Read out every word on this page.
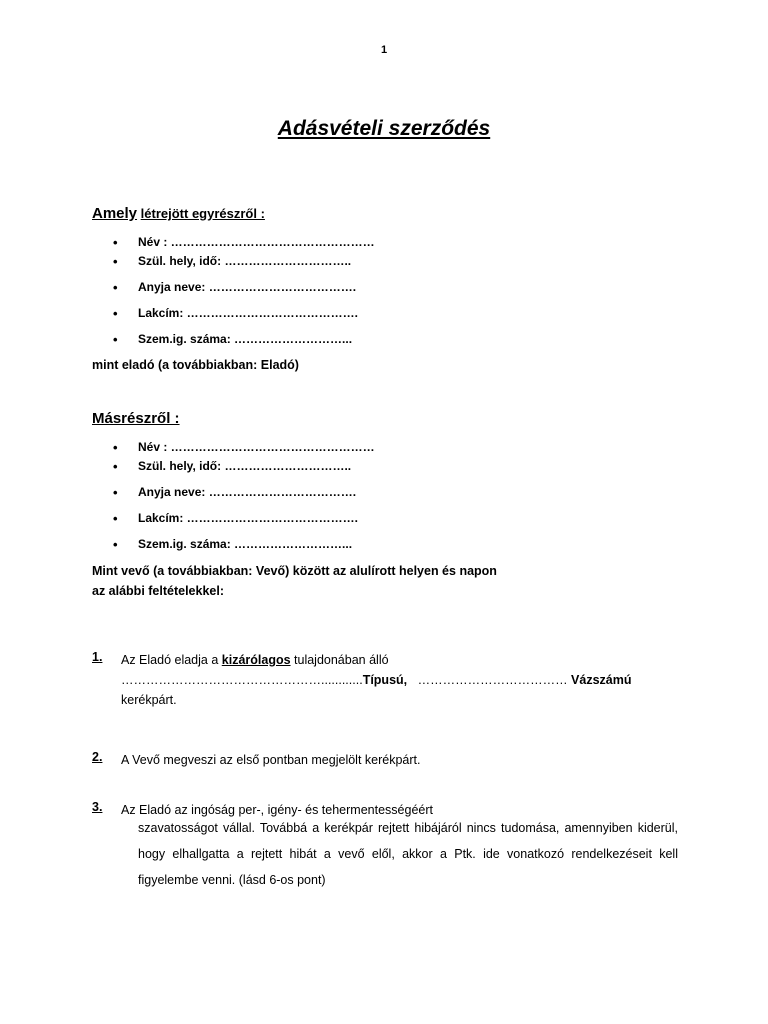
1
Adásvételi szerződés
Amely létrejött egyrészről :
• Név : ……………………………………………
• Szül. hely, idő: …………………………..
• Anyja neve: ……………………………….
• Lakcím: …………………………………….
• Szem.ig. száma: ………………………...
mint eladó (a továbbiakban: Eladó)
Másrészről :
• Név : ……………………………………………
• Szül. hely, idő: …………………………..
• Anyja neve: ……………………………….
• Lakcím: …………………………………….
• Szem.ig. száma: ………………………...
Mint vevő (a továbbiakban: Vevő) között az alulírott helyen és napon
az alábbi feltételekkel:
1. Az Eladó eladja a kizárólagos tulajdonában álló
…………………………………………............Típusú, ……………………………… Vázszámú
kerékpárt.
2. A Vevő megveszi az első pontban megjelölt kerékpárt.
3. Az Eladó az ingóság per-, igény- és tehermentességéért
szavatosságot vállal. Továbbá a kerékpár rejtett hibájáról nincs tudomása, amennyiben kiderül, hogy elhallgatta a rejtett hibát a vevő elől, akkor a Ptk. ide vonatkozó rendelkezéseit kell figyelembe venni. (lásd 6-os pont)
